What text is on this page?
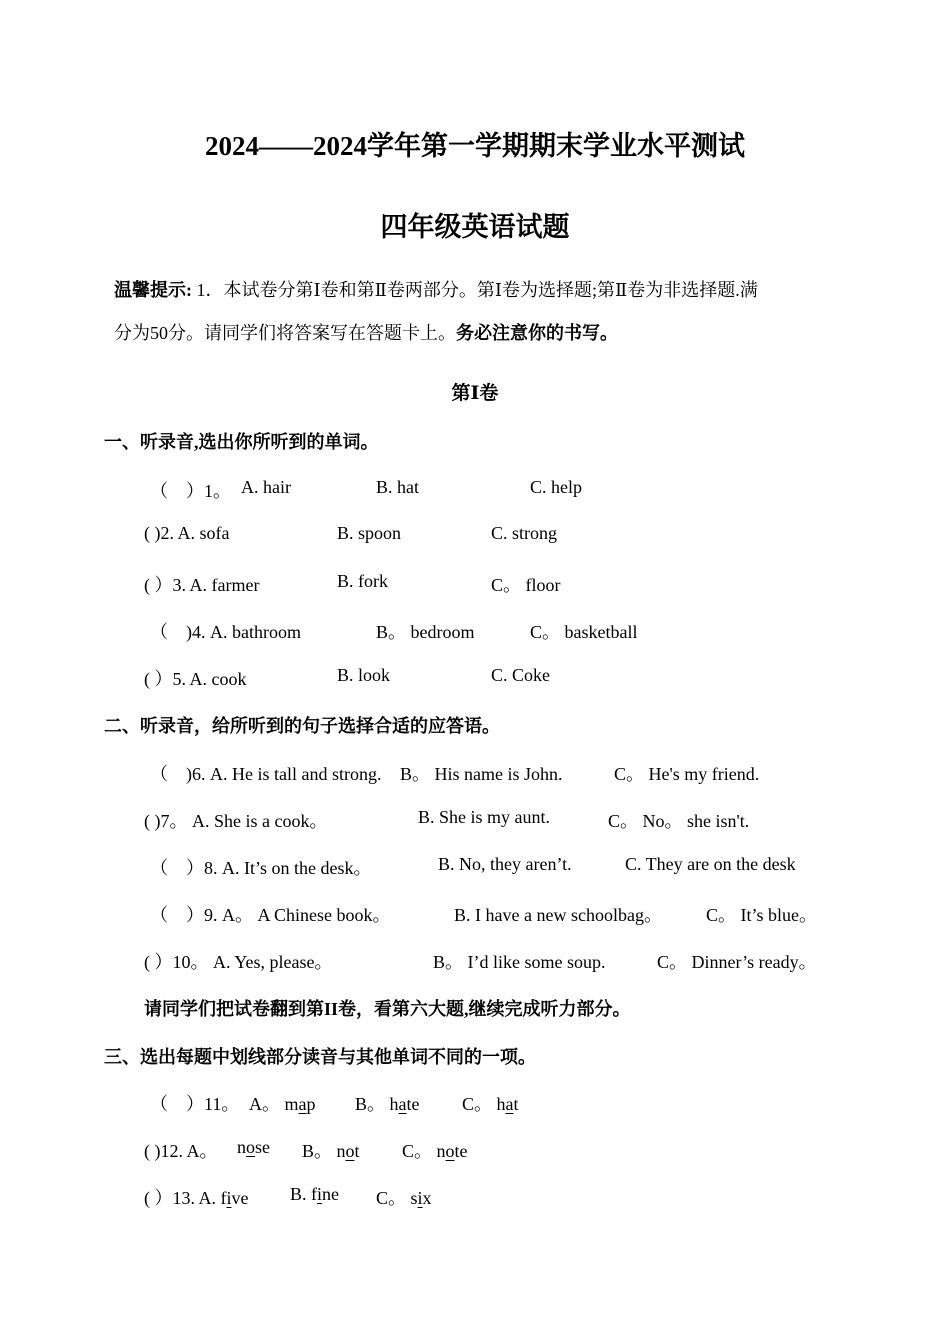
2024——2024学年第一学期期末学业水平测试
四年级英语试题
温馨提示: 1．本试卷分第Ⅰ卷和第Ⅱ卷两部分。第Ⅰ卷为选择题;第Ⅱ卷为非选择题.满
分为50分。请同学们将答案写在答题卡上。务必注意你的书写。
第Ⅰ卷
一、听录音,选出你所听到的单词。
（　）1。 A. hair	B. hat	C. help
( )2. A. sofa	B. spoon	C. strong
( ）3. A. farmer	B. fork	C。 floor
（　)4. A. bathroom	B。 bedroom	C。 basketball
( ）5. A. cook	B. look	C. Coke
二、听录音，给所听到的句子选择合适的应答语。
（　)6. A. He is tall and strong. B。 His name is John.	C。 He's my friend.
( )7。 A. She is a cook。	B. She is my aunt.	C。 No。 she isn't.
（　）8. A. It’s on the desk。	B. No, they aren’t.	C. They are on the desk
（　）9. A。 A Chinese book。	B. I have a new schoolbag。 C。 It’s blue。
( ）10。 A. Yes, please。	B。 I’d like some soup.	C。 Dinner’s ready。
请同学们把试卷翻到第II卷，看第六大题,继续完成听力部分。
三、选出每题中划线部分读音与其他单词不同的一项。
（　）11。 A。 map B。 hate C。 hat
( )12. A。 nose B。 not C。 note
( ）13. A. five B. fine C。 six
